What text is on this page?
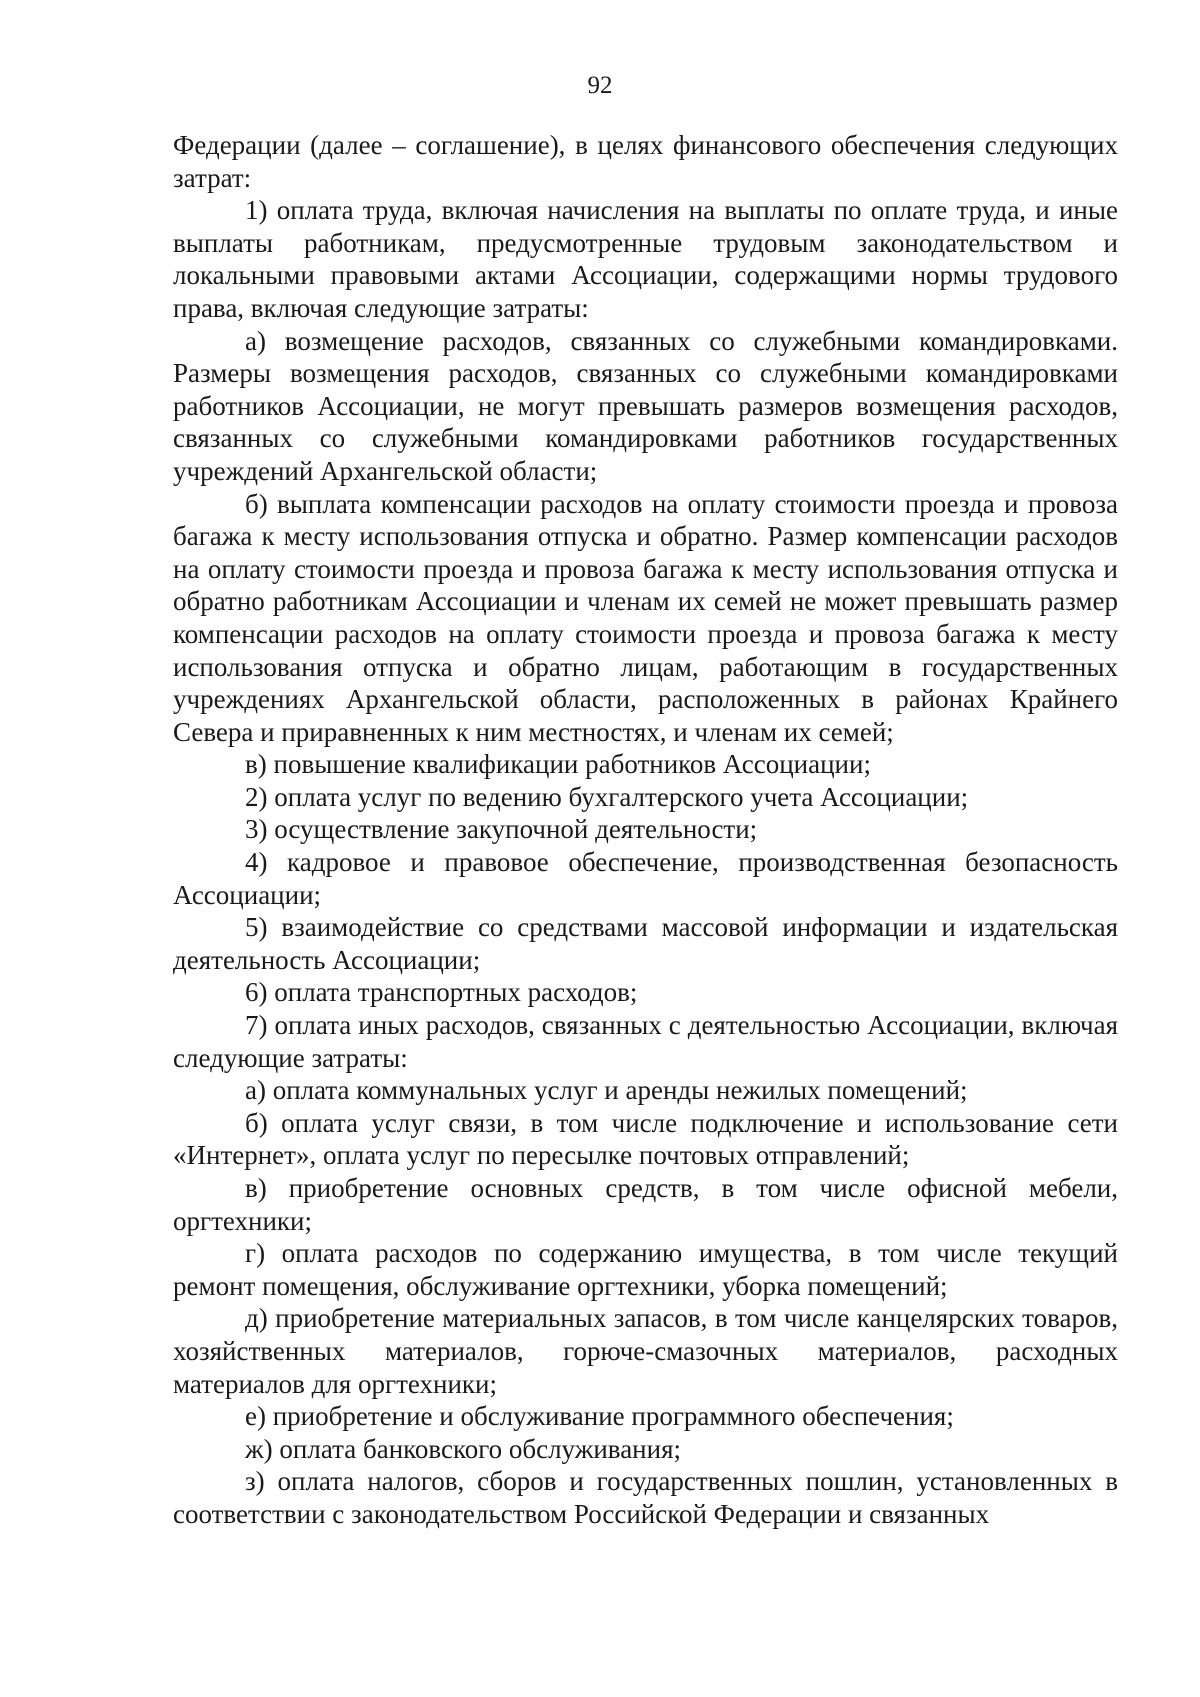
92

Федерации (далее – соглашение), в целях финансового обеспечения следующих затрат:

1) оплата труда, включая начисления на выплаты по оплате труда, и иные выплаты работникам, предусмотренные трудовым законодательством и локальными правовыми актами Ассоциации, содержащими нормы трудового права, включая следующие затраты:

а) возмещение расходов, связанных со служебными командировками. Размеры возмещения расходов, связанных со служебными командировками работников Ассоциации, не могут превышать размеров возмещения расходов, связанных со служебными командировками работников государственных учреждений Архангельской области;

б) выплата компенсации расходов на оплату стоимости проезда и провоза багажа к месту использования отпуска и обратно. Размер компенсации расходов на оплату стоимости проезда и провоза багажа к месту использования отпуска и обратно работникам Ассоциации и членам их семей не может превышать размер компенсации расходов на оплату стоимости проезда и провоза багажа к месту использования отпуска и обратно лицам, работающим в государственных учреждениях Архангельской области, расположенных в районах Крайнего Севера и приравненных к ним местностях, и членам их семей;

в) повышение квалификации работников Ассоциации;

2) оплата услуг по ведению бухгалтерского учета Ассоциации;

3) осуществление закупочной деятельности;

4) кадровое и правовое обеспечение, производственная безопасность Ассоциации;

5) взаимодействие со средствами массовой информации и издательская деятельность Ассоциации;

6) оплата транспортных расходов;

7) оплата иных расходов, связанных с деятельностью Ассоциации, включая следующие затраты:

а) оплата коммунальных услуг и аренды нежилых помещений;

б) оплата услуг связи, в том числе подключение и использование сети «Интернет», оплата услуг по пересылке почтовых отправлений;

в) приобретение основных средств, в том числе офисной мебели, оргтехники;

г) оплата расходов по содержанию имущества, в том числе текущий ремонт помещения, обслуживание оргтехники, уборка помещений;

д) приобретение материальных запасов, в том числе канцелярских товаров, хозяйственных материалов, горюче-смазочных материалов, расходных материалов для оргтехники;

е) приобретение и обслуживание программного обеспечения;

ж) оплата банковского обслуживания;

з) оплата налогов, сборов и государственных пошлин, установленных в соответствии с законодательством Российской Федерации и связанных
